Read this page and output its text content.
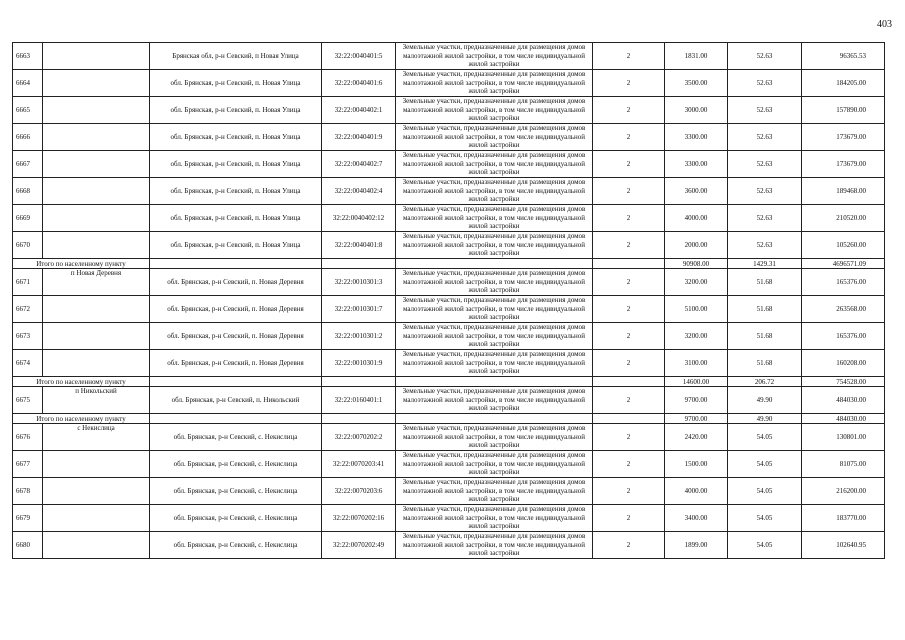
403
6663		Брянская обл, р-н Севский, п Новая Улица	32:22:0040401:5	Земельные участки, предназначенные для размещения домов малоэтажной жилой застройки, в том числе индивидуальной жилой застройки	2	1831.00	52.63	96365.53
6664		обл. Брянская, р-н Севский, п. Новая Улица	32:22:0040401:6	Земельные участки, предназначенные для размещения домов малоэтажной жилой застройки, в том числе индивидуальной жилой застройки	2	3500.00	52.63	184205.00
6665		обл. Брянская, р-н Севский, п. Новая Улица	32:22:0040402:1	Земельные участки, предназначенные для размещения домов малоэтажной жилой застройки, в том числе индивидуальной жилой застройки	2	3000.00	52.63	157890.00
6666		обл. Брянская, р-н Севский, п. Новая Улица	32:22:0040401:9	Земельные участки, предназначенные для размещения домов малоэтажной жилой застройки, в том числе индивидуальной жилой застройки	2	3300.00	52.63	173679.00
6667		обл. Брянская, р-н Севский, п. Новая Улица	32:22:0040402:7	Земельные участки, предназначенные для размещения домов малоэтажной жилой застройки, в том числе индивидуальной жилой застройки	2	3300.00	52.63	173679.00
6668		обл. Брянская, р-н Севский, п. Новая Улица	32:22:0040402:4	Земельные участки, предназначенные для размещения домов малоэтажной жилой застройки, в том числе индивидуальной жилой застройки	2	3600.00	52.63	189468.00
6669		обл. Брянская, р-н Севский, п. Новая Улица	32:22:0040402:12	Земельные участки, предназначенные для размещения домов малоэтажной жилой застройки, в том числе индивидуальной жилой застройки	2	4000.00	52.63	210520.00
6670		обл. Брянская, р-н Севский, п. Новая Улица	32:22:0040401:8	Земельные участки, предназначенные для размещения домов малоэтажной жилой застройки, в том числе индивидуальной жилой застройки	2	2000.00	52.63	105260.00
Итого по населенному пункту						90908.00	1429.31	4696571.09
6671	п Новая Деревня	обл. Брянская, р-н Севский, п. Новая Деревня	32:22:0010301:3	Земельные участки, предназначенные для размещения домов малоэтажной жилой застройки, в том числе индивидуальной жилой застройки	2	3200.00	51.68	165376.00
6672		обл. Брянская, р-н Севский, п. Новая Деревня	32:22:0010301:7	Земельные участки, предназначенные для размещения домов малоэтажной жилой застройки, в том числе индивидуальной жилой застройки	2	5100.00	51.68	263568.00
6673		обл. Брянская, р-н Севский, п. Новая Деревня	32:22:0010301:2	Земельные участки, предназначенные для размещения домов малоэтажной жилой застройки, в том числе индивидуальной жилой застройки	2	3200.00	51.68	165376.00
6674		обл. Брянская, р-н Севский, п. Новая Деревня	32:22:0010301:9	Земельные участки, предназначенные для размещения домов малоэтажной жилой застройки, в том числе индивидуальной жилой застройки	2	3100.00	51.68	160208.00
Итого по населенному пункту						14600.00	206.72	754528.00
6675	п Никольский	обл. Брянская, р-н Севский, п. Никольский	32:22:0160401:1	Земельные участки, предназначенные для размещения домов малоэтажной жилой застройки, в том числе индивидуальной жилой застройки	2	9700.00	49.90	484030.00
Итого по населенному пункту						9700.00	49.90	484030.00
6676	с Некислица	обл. Брянская, р-н Севский, с. Некислица	32:22:0070202:2	Земельные участки, предназначенные для размещения домов малоэтажной жилой застройки, в том числе индивидуальной жилой застройки	2	2420.00	54.05	130801.00
6677		обл. Брянская, р-н Севский, с. Некислица	32:22:0070203:41	Земельные участки, предназначенные для размещения домов малоэтажной жилой застройки, в том числе индивидуальной жилой застройки	2	1500.00	54.05	81075.00
6678		обл. Брянская, р-н Севский, с. Некислица	32:22:0070203:6	Земельные участки, предназначенные для размещения домов малоэтажной жилой застройки, в том числе индивидуальной жилой застройки	2	4000.00	54.05	216200.00
6679		обл. Брянская, р-н Севский, с. Некислица	32:22:0070202:16	Земельные участки, предназначенные для размещения домов малоэтажной жилой застройки, в том числе индивидуальной жилой застройки	2	3400.00	54.05	183770.00
6680		обл. Брянская, р-н Севский, с. Некислица	32:22:0070202:49	Земельные участки, предназначенные для размещения домов малоэтажной жилой застройки, в том числе индивидуальной жилой застройки	2	1899.00	54.05	102640.95
